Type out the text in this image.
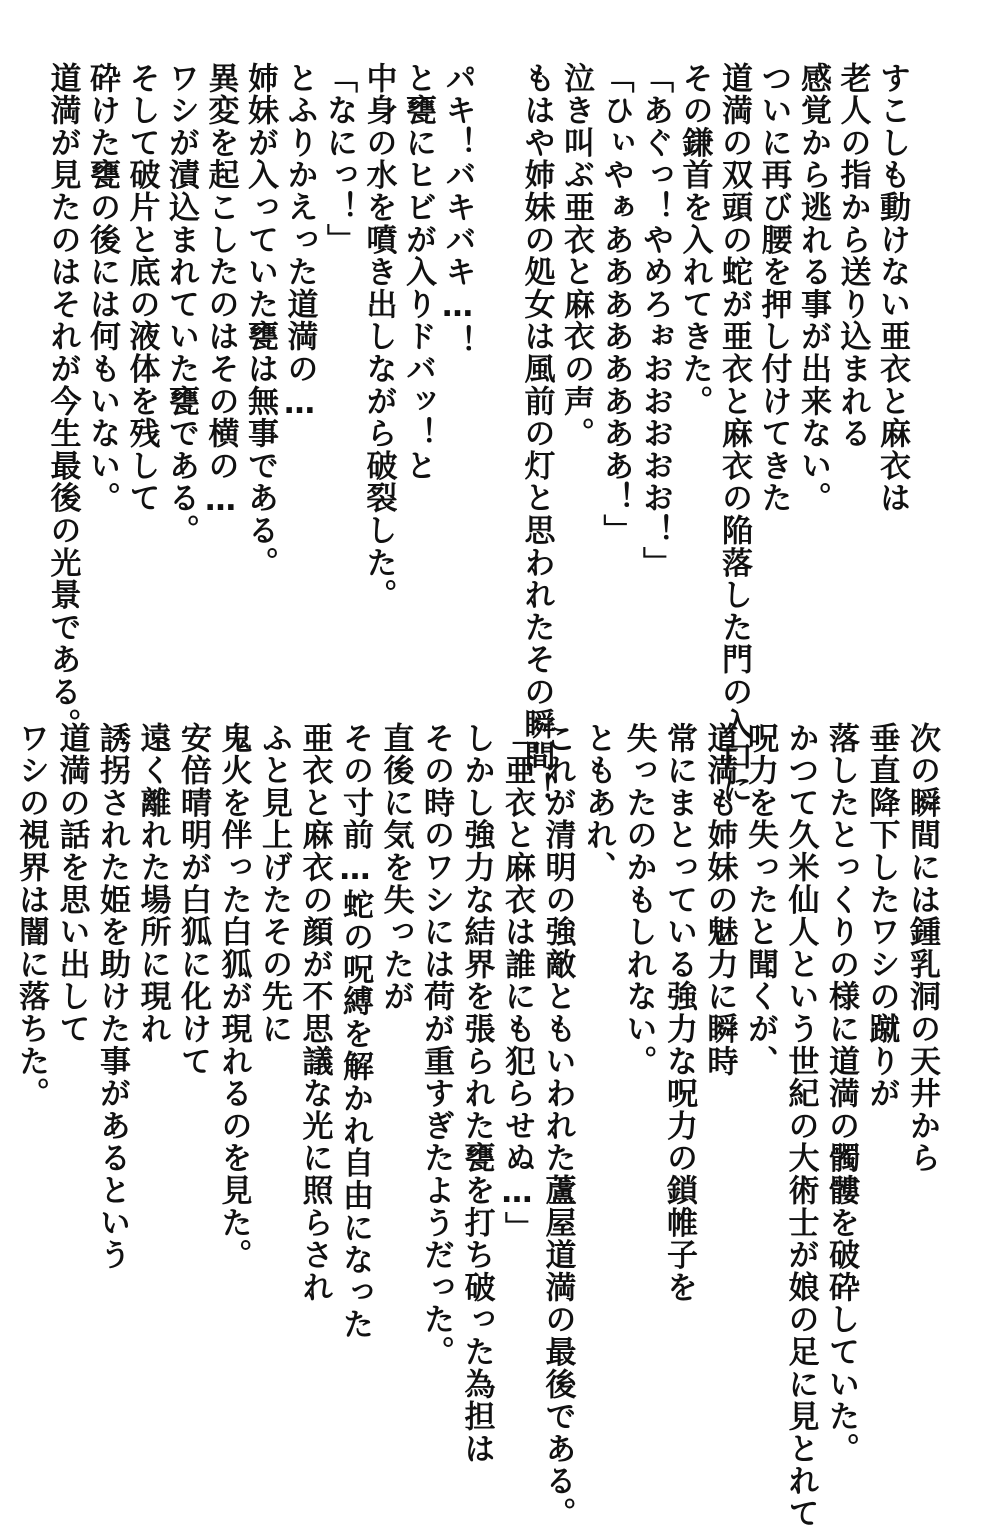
すこしも動けない亜衣と麻衣は
老人の指から送り込まれる
感覚から逃れる事が出来ない。
ついに再び腰を押し付けてきた
道満の双頭の蛇が亜衣と麻衣の陥落した門の入口に
その鎌首を入れてきた。
「あぐっ！やめろぉおおおおお！」
「ひぃやぁああああああああ！」
泣き叫ぶ亜衣と麻衣の声。
もはや姉妹の処女は風前の灯と思われたその瞬間！
パキ！バキバキ…！
と甕にヒビが入りドバッ！と
中身の水を噴き出しながら破裂した。
「なにっ！」
とふりかえった道満の…
姉妹が入っていた甕は無事である。
異変を起こしたのはその横の…
ワシが漬込まれていた甕である。
そして破片と底の液体を残して
砕けた甕の後には何もいない。
道満が見たのはそれが今生最後の光景である。
次の瞬間には鍾乳洞の天井から
垂直降下したワシの蹴りが
落したとっくりの様に道満の髑髏を破砕していた。
かつて久米仙人という世紀の大術士が娘の足に見とれて
呪力を失ったと聞くが、
道満も姉妹の魅力に瞬時
常にまとっている強力な呪力の鎖帷子を
失ったのかもしれない。
ともあれ、
これが清明の強敵ともいわれた蘆屋道満の最後である。
「亜衣と麻衣は誰にも犯らせぬ…」
しかし強力な結界を張られた甕を打ち破った為担は
その時のワシには荷が重すぎたようだった。
直後に気を失ったが
その寸前…蛇の呪縛を解かれ自由になった
亜衣と麻衣の顔が不思議な光に照らされ
ふと見上げたその先に
鬼火を伴った白狐が現れるのを見た。
安倍晴明が白狐に化けて
遠く離れた場所に現れ
誘拐された姫を助けた事があるという
道満の話を思い出して
ワシの視界は闇に落ちた。
